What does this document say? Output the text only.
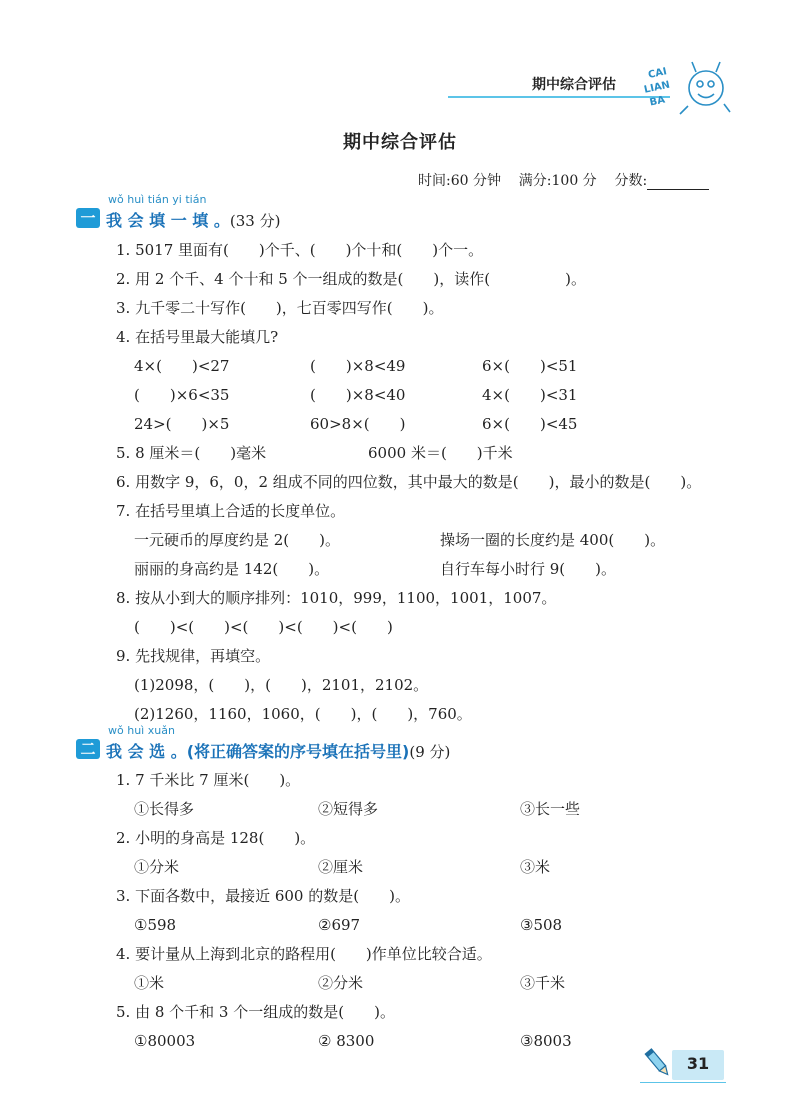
期中综合评估
CAI
LIAN
BA
期中综合评估
时间:60 分钟 满分:100 分 分数:
wǒ huì tián yi tián
一 我 会 填 一 填 。(33 分)
1. 5017 里面有(　　)个千、(　　)个十和(　　)个一。
2. 用 2 个千、4 个十和 5 个一组成的数是(　　)，读作(　　　　　)。
3. 九千零二十写作(　　)，七百零四写作(　　)。
4. 在括号里最大能填几?
4×(　　)<27	(　　)×8<49	6×(　　)<51
(　　)×6<35	(　　)×8<40	4×(　　)<31
24>(　　)×5	60>8×(　　)	6×(　　)<45
5. 8 厘米＝(　　)毫米	6000 米＝(　　)千米
6. 用数字 9，6，0，2 组成不同的四位数，其中最大的数是(　　)，最小的数是(　　)。
7. 在括号里填上合适的长度单位。
一元硬币的厚度约是 2(　　)。	操场一圈的长度约是 400(　　)。
丽丽的身高约是 142(　　)。	自行车每小时行 9(　　)。
8. 按从小到大的顺序排列：1010，999，1100，1001，1007。
(　　)<(　　)<(　　)<(　　)<(　　)
9. 先找规律，再填空。
(1)2098，(　　)，(　　)，2101，2102。
(2)1260，1160，1060，(　　)，(　　)，760。
wǒ huì xuǎn
二 我 会 选 。(将正确答案的序号填在括号里)(9 分)
1. 7 千米比 7 厘米(　　)。
①长得多	②短得多	③长一些
2. 小明的身高是 128(　　)。
①分米	②厘米	③米
3. 下面各数中，最接近 600 的数是(　　)。
①598	②697	③508
4. 要计量从上海到北京的路程用(　　)作单位比较合适。
①米	②分米	③千米
5. 由 8 个千和 3 个一组成的数是(　　)。
①80003	② 8300	③8003
31
